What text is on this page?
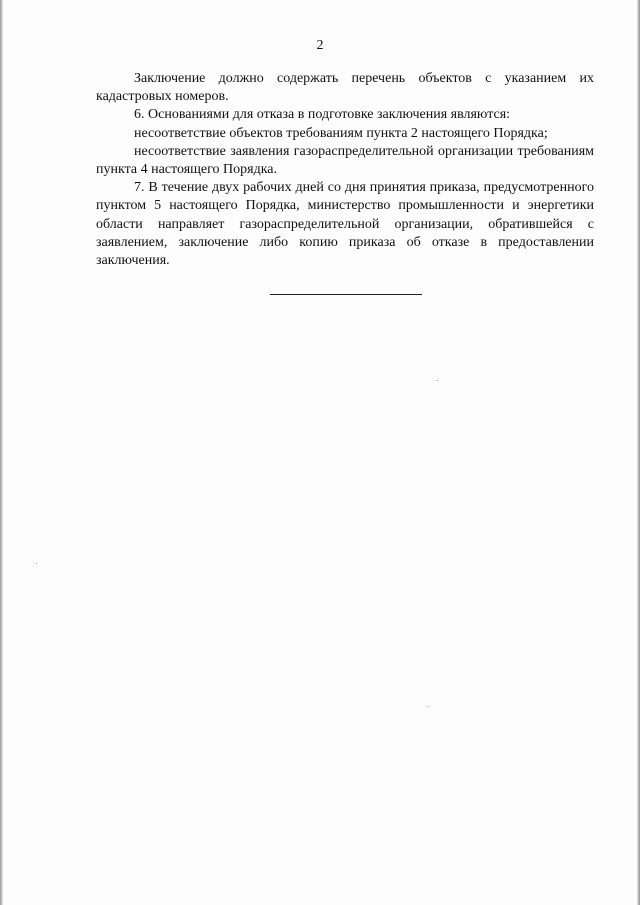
2

Заключение должно содержать перечень объектов с указанием их кадастровых номеров.

6. Основаниями для отказа в подготовке заключения являются:

несоответствие объектов требованиям пункта 2 настоящего Порядка;

несоответствие заявления газораспределительной организации требованиям пункта 4 настоящего Порядка.

7. В течение двух рабочих дней со дня принятия приказа, предусмотренного пунктом 5 настоящего Порядка, министерство промышленности и энергетики области направляет газораспределительной организации, обратившейся с заявлением, заключение либо копию приказа об отказе в предоставлении заключения.
